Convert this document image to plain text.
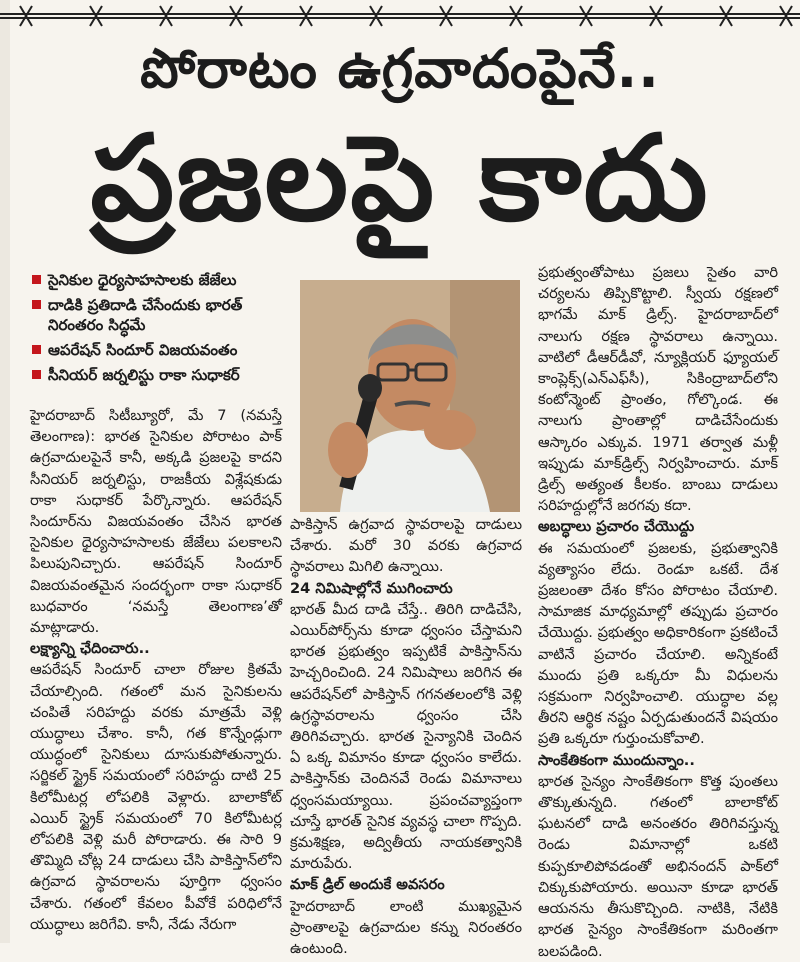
పోరాటం ఉగ్రవాదంపైనే..
ప్రజలపై కాదు
సైనికుల ధైర్యసాహసాలకు జేజేలు
దాడికి ప్రతిదాడి చేసేందుకు భారత్ నిరంతరం సిద్ధమే
ఆపరేషన్ సిందూర్ విజయవంతం
సీనియర్ జర్నలిస్టు రాకా సుధాకర్

హైదరాబాద్ సిటీబ్యూరో, మే 7 (నమస్తే తెలంగాణ): భారత సైనికుల పోరాటం పాక్ ఉగ్రవాదులపైనే కానీ, అక్కడి ప్రజలపై కాదని సీనియర్ జర్నలిస్టు, రాజకీయ విశ్లేషకుడు రాకా సుధాకర్ పేర్కొన్నారు. ఆపరేషన్ సిందూర్‌ను విజయవంతం చేసిన భారత సైనికుల ధైర్యసాహసాలకు జేజేలు పలకాలని పిలుపునిచ్చారు. ఆపరేషన్ సిందూర్ విజయవంతమైన సందర్భంగా రాకా సుధాకర్ బుధవారం ‘నమస్తే తెలంగాణ’తో మాట్లాడారు.

లక్ష్యాన్ని ఛేదించారు..

ఆపరేషన్ సిందూర్ చాలా రోజుల క్రితమే చేయాల్సింది. గతంలో మన సైనికులను చంపితే సరిహద్దు వరకు మాత్రమే వెళ్లి యుద్ధాలు చేశాం. కానీ, గత కొన్నేండ్లుగా యుద్ధంలో సైనికులు దూసుకుపోతున్నారు. సర్జికల్ స్ట్రైక్ సమయంలో సరిహద్దు దాటి 25 కిలోమీటర్ల లోపలికి వెళ్లారు. బాలాకోట్ ఎయిర్ స్ట్రైక్ సమయంలో 70 కిలోమీటర్ల లోపలికి వెళ్లి మరీ పోరాడారు. ఈ సారి 9 తొమ్మిది చోట్ల 24 దాడులు చేసి పాకిస్తాన్‌లోని ఉగ్రవాద స్థావరాలను పూర్తిగా ధ్వంసం చేశారు. గతంలో కేవలం పీవోకే పరిధిలోనే యుద్ధాలు జరిగేవి. కానీ, నేడు నేరుగా

పాకిస్తాన్ ఉగ్రవాద స్థావరాలపై దాడులు చేశారు. మరో 30 వరకు ఉగ్రవాద స్థావరాలు మిగిలి ఉన్నాయి.

24 నిమిషాల్లోనే ముగించారు

భారత్ మీద దాడి చేస్తే.. తిరిగి దాడిచేసి, ఎయిర్‌పోర్స్‌ను కూడా ధ్వంసం చేస్తామని భారత ప్రభుత్వం ఇప్పటికే పాకిస్తాన్‌ను హెచ్చరించింది. 24 నిమిషాలు జరిగిన ఈ ఆపరేషన్‌లో పాకిస్తాన్ గగనతలంలోకి వెళ్లి ఉగ్రస్థావరాలను ధ్వంసం చేసి తిరిగివచ్చారు. భారత సైన్యానికి చెందిన ఏ ఒక్క విమానం కూడా ధ్వంసం కాలేదు. పాకిస్తాన్‌కు చెందినవే రెండు విమానాలు ధ్వంసమయ్యాయి. ప్రపంచవ్యాప్తంగా చూస్తే భారత్ సైనిక వ్యవస్థ చాలా గొప్పది. క్రమశిక్షణ, అద్వితీయ నాయకత్వానికి మారుపేరు.

మాక్ డ్రిల్ అందుకే అవసరం

హైదరాబాద్ లాంటి ముఖ్యమైన ప్రాంతాలపై ఉగ్రవాదుల కన్ను నిరంతరం ఉంటుంది.

ప్రభుత్వంతోపాటు ప్రజలు సైతం వారి చర్యలను తిప్పికొట్టాలి. స్వీయ రక్షణలో భాగమే మాక్ డ్రిల్స్. హైదరాబాద్‌లో నాలుగు రక్షణ స్థావరాలు ఉన్నాయి. వాటిలో డీఆర్‌డీవో, న్యూక్లియర్ ఫ్యూయల్ కాంప్లెక్స్(ఎన్‌ఎఫ్‌సీ), సికింద్రాబాద్‌లోని కంటోన్మెంట్ ప్రాంతం, గోల్కొండ. ఈ నాలుగు ప్రాంతాల్లో దాడిచేసేందుకు ఆస్కారం ఎక్కువ. 1971 తర్వాత మళ్లీ ఇప్పుడు మాక్‌డ్రిల్స్ నిర్వహించారు. మాక్ డ్రిల్స్ అత్యంత కీలకం. బాంబు దాడులు సరిహద్దుల్లోనే జరగవు కదా.

అబద్ధాలు ప్రచారం చేయొద్దు

ఈ సమయంలో ప్రజలకు, ప్రభుత్వానికి వ్యత్యాసం లేదు. రెండూ ఒకటే. దేశ ప్రజలంతా దేశం కోసం పోరాటం చేయాలి. సామాజిక మాధ్యమాల్లో తప్పుడు ప్రచారం చేయొద్దు. ప్రభుత్వం అధికారికంగా ప్రకటించే వాటినే ప్రచారం చేయాలి. అన్నికంటే ముందు ప్రతి ఒక్కరూ మీ విధులను సక్రమంగా నిర్వహించాలి. యుద్ధాల వల్ల తీరని ఆర్థిక నష్టం ఏర్పడుతుందనే విషయం ప్రతి ఒక్కరూ గుర్తుంచుకోవాలి.

సాంకేతికంగా ముందున్నాం..

భారత సైన్యం సాంకేతికంగా కొత్త పుంతలు తొక్కుతున్నది. గతంలో బాలాకోట్ ఘటనలో దాడి అనంతరం తిరిగివస్తున్న రెండు విమానాల్లో ఒకటి కుప్పకూలిపోవడంతో అభినందన్ పాక్‌లో చిక్కుకుపోయారు. అయినా కూడా భారత్ ఆయనను తీసుకొచ్చింది. నాటికి, నేటికి భారత సైన్యం సాంకేతికంగా మరింతగా బలపడింది.
